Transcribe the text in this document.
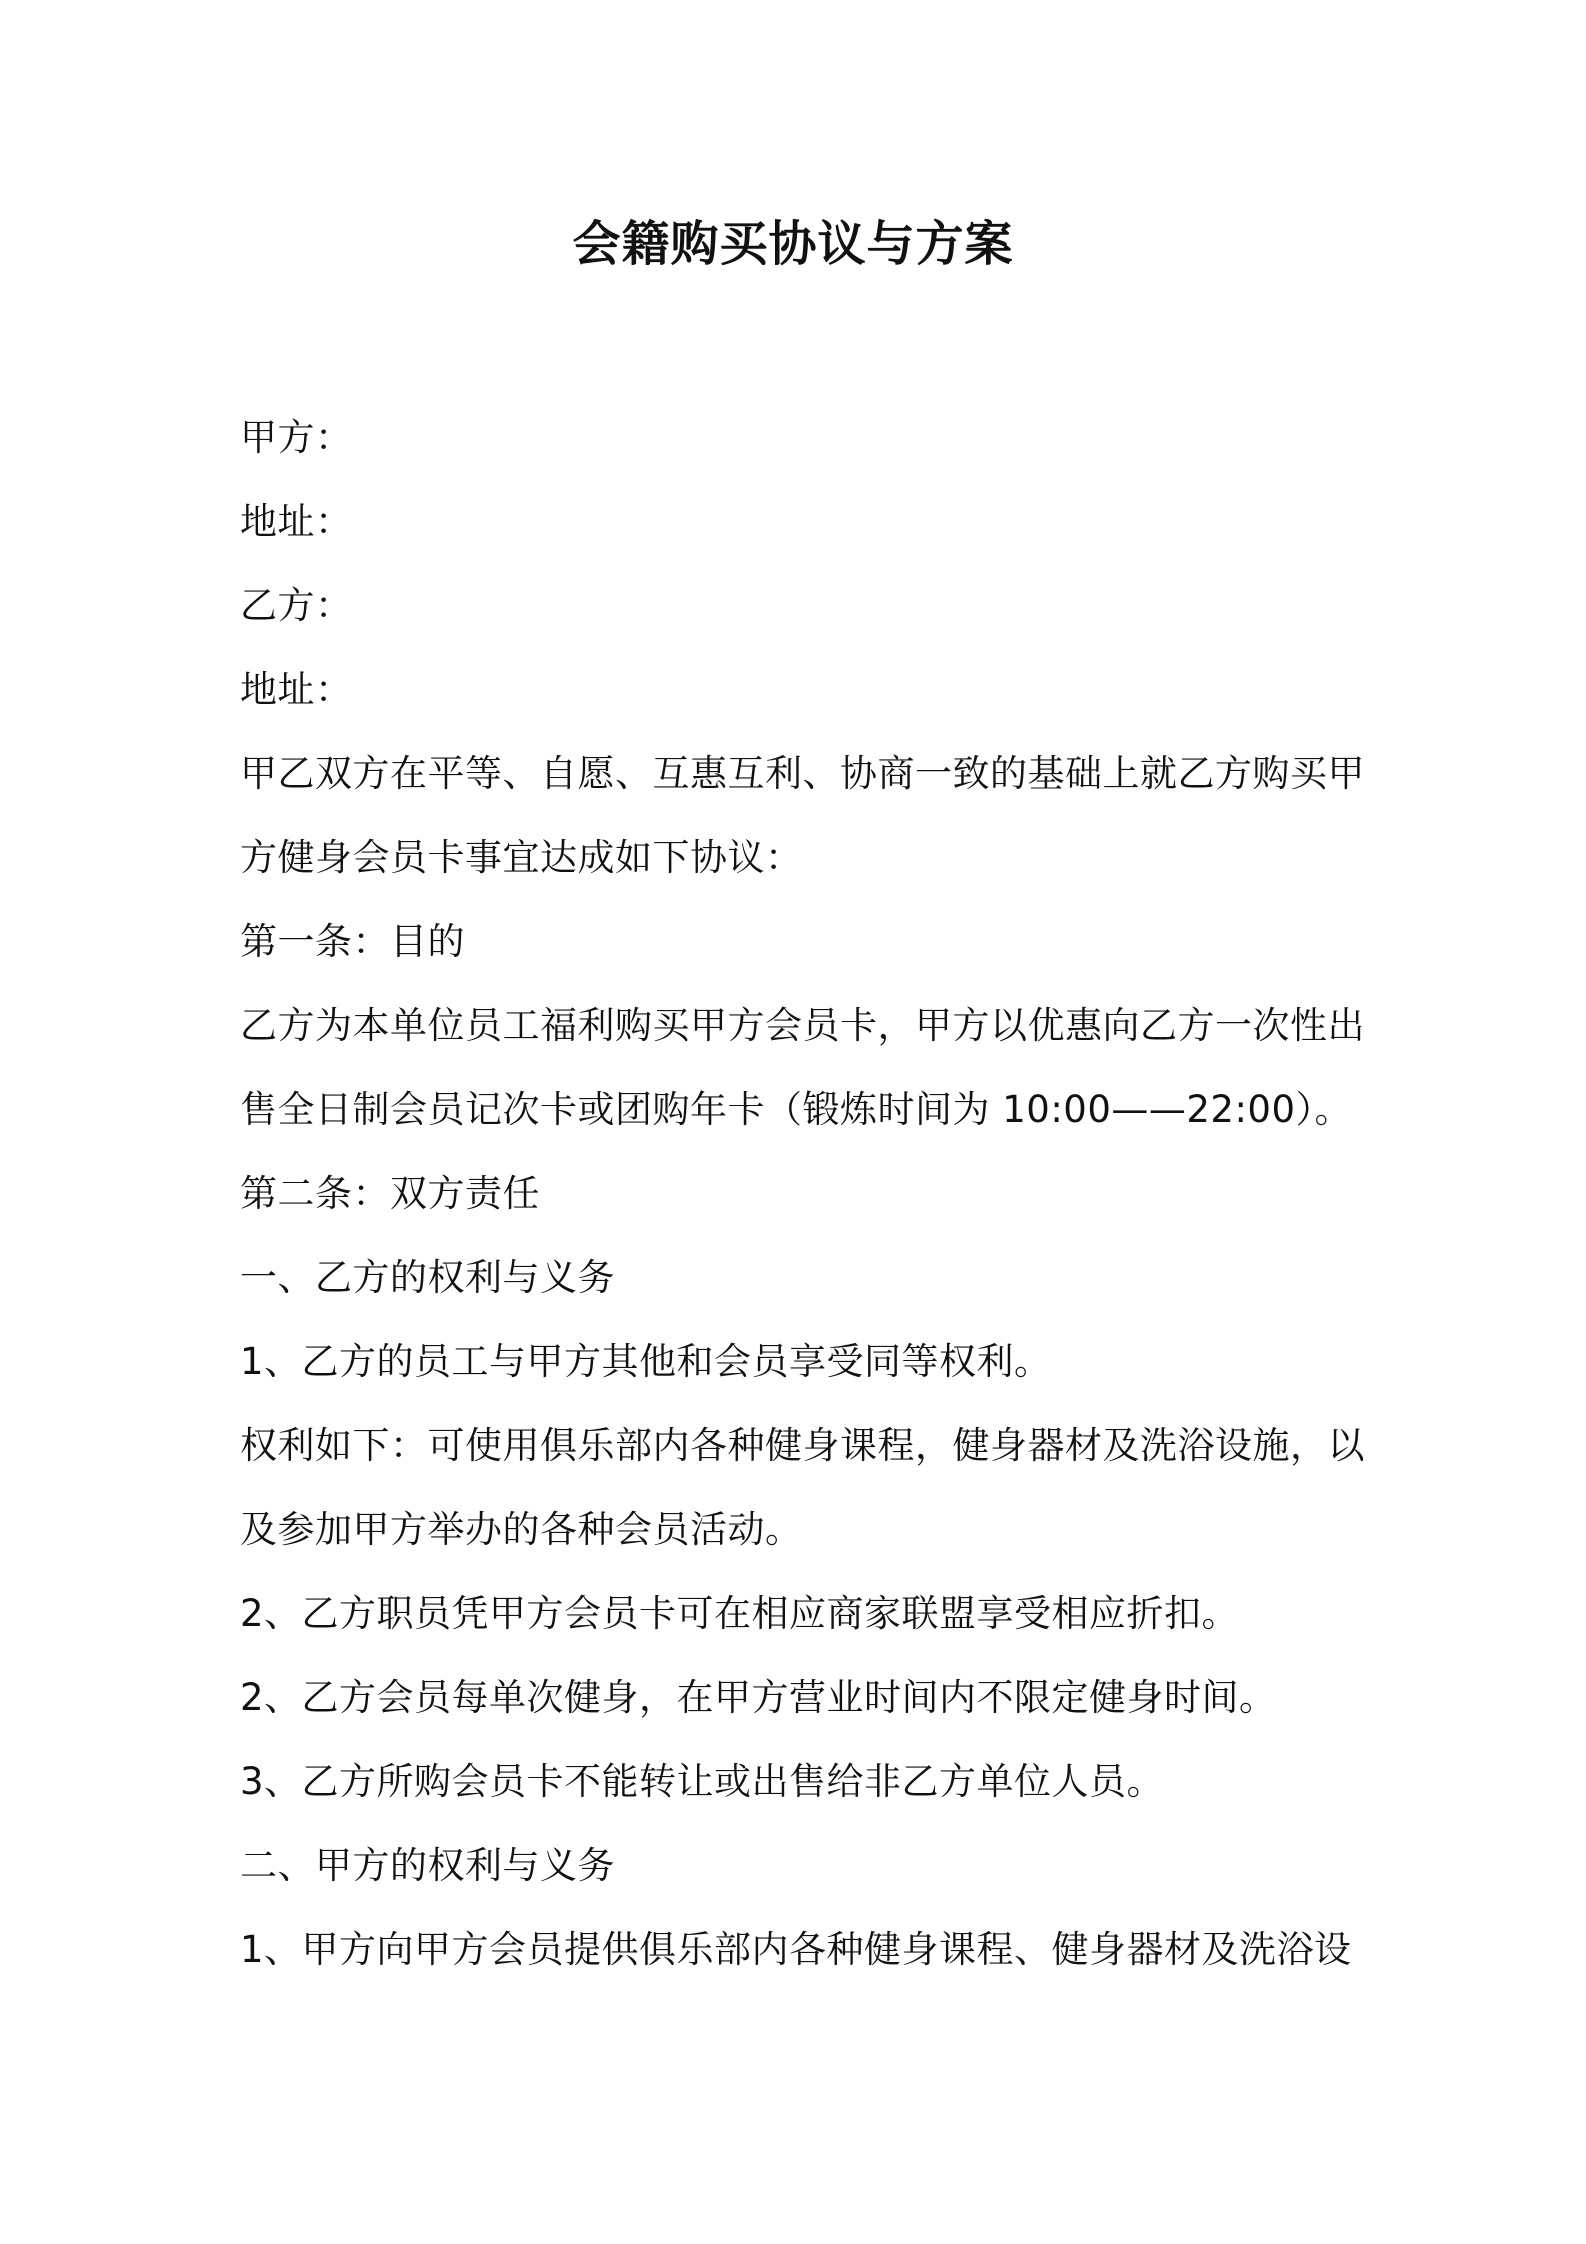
会籍购买协议与方案
甲方：
地址：
乙方：
地址：
甲乙双方在平等、自愿、互惠互利、协商一致的基础上就乙方购买甲
方健身会员卡事宜达成如下协议：
第一条：目的
乙方为本单位员工福利购买甲方会员卡，甲方以优惠向乙方一次性出
售全日制会员记次卡或团购年卡（锻炼时间为 10:00——22:00）。
第二条：双方责任
一、乙方的权利与义务
1、乙方的员工与甲方其他和会员享受同等权利。
权利如下：可使用俱乐部内各种健身课程，健身器材及洗浴设施，以
及参加甲方举办的各种会员活动。
2、乙方职员凭甲方会员卡可在相应商家联盟享受相应折扣。
2、乙方会员每单次健身，在甲方营业时间内不限定健身时间。
3、乙方所购会员卡不能转让或出售给非乙方单位人员。
二、甲方的权利与义务
1、甲方向甲方会员提供俱乐部内各种健身课程、健身器材及洗浴设
